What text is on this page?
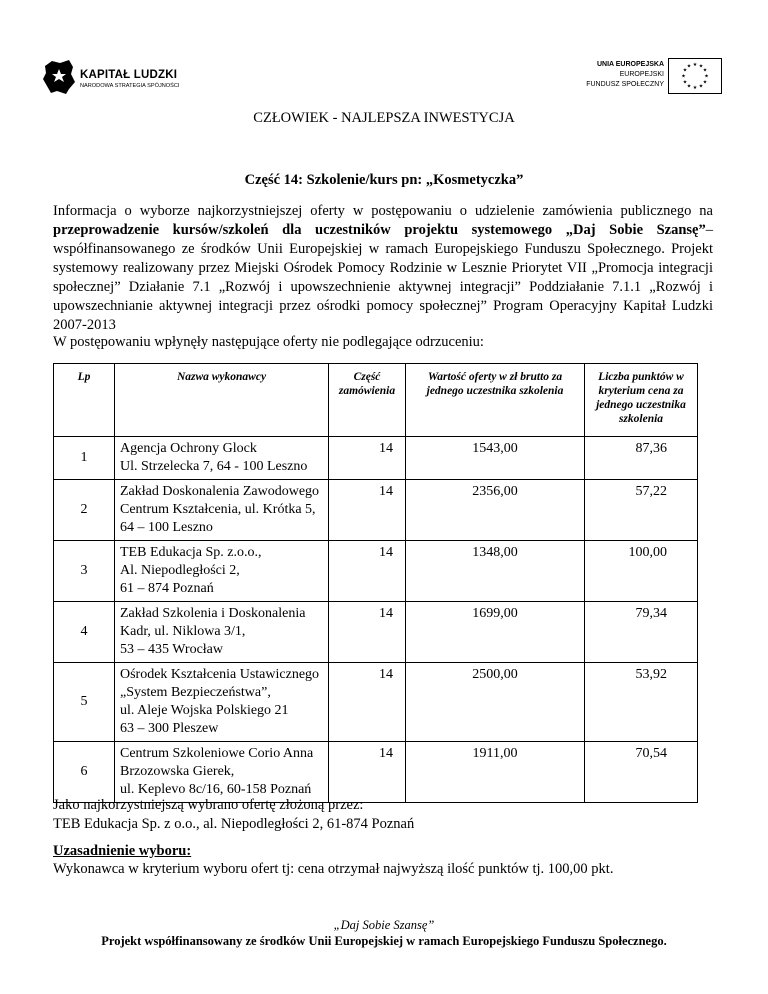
KAPITAŁ LUDZKI
NARODOWA STRATEGIA SPÓJNOŚCI
UNIA EUROPEJSKA
EUROPEJSKI
FUNDUSZ SPOŁECZNY
★ ★
★
★
★
★
★
★
★
★
★
★
CZŁOWIEK - NAJLEPSZA INWESTYCJA
Część 14: Szkolenie/kurs pn: „Kosmetyczka”
Informacja o wyborze najkorzystniejszej oferty w postępowaniu o udzielenie zamówienia publicznego na przeprowadzenie kursów/szkoleń dla uczestników projektu systemowego „Daj Sobie Szansę”– współfinansowanego ze środków Unii Europejskiej w ramach Europejskiego Funduszu Społecznego. Projekt systemowy realizowany przez Miejski Ośrodek Pomocy Rodzinie w Lesznie Priorytet VII „Promocja integracji społecznej” Działanie 7.1 „Rozwój i upowszechnienie aktywnej integracji” Poddziałanie 7.1.1 „Rozwój i upowszechnianie aktywnej integracji przez ośrodki pomocy społecznej” Program Operacyjny Kapitał Ludzki 2007-2013
W postępowaniu wpłynęły następujące oferty nie podlegające odrzuceniu:
Lp	Nazwa wykonawcy	Część zamówienia	Wartość oferty w zł brutto za jednego uczestnika szkolenia	Liczba punktów w kryterium cena za jednego uczestnika szkolenia
1	Agencja Ochrony Glock
Ul. Strzelecka 7, 64 - 100 Leszno	14	1543,00	87,36
2	Zakład Doskonalenia Zawodowego
Centrum Kształcenia, ul. Krótka 5,
64 – 100 Leszno	14	2356,00	57,22
3	TEB Edukacja Sp. z.o.o.,
Al. Niepodległości 2,
61 – 874 Poznań	14	1348,00	100,00
4	Zakład Szkolenia i Doskonalenia
Kadr, ul. Niklowa 3/1,
53 – 435 Wrocław	14	1699,00	79,34
5	Ośrodek Kształcenia Ustawicznego
„System Bezpieczeństwa”,
ul. Aleje Wojska Polskiego 21
63 – 300 Pleszew	14	2500,00	53,92
6	Centrum Szkoleniowe Corio Anna
Brzozowska Gierek,
ul. Keplevo 8c/16, 60-158 Poznań	14	1911,00	70,54
Jako najkorzystniejszą wybrano ofertę złożoną przez:
TEB Edukacja Sp. z o.o., al. Niepodległości 2, 61-874 Poznań
Uzasadnienie wyboru:
Wykonawca w kryterium wyboru ofert tj: cena otrzymał najwyższą ilość punktów tj. 100,00 pkt.
„Daj Sobie Szansę”
Projekt współfinansowany ze środków Unii Europejskiej w ramach Europejskiego Funduszu Społecznego.
